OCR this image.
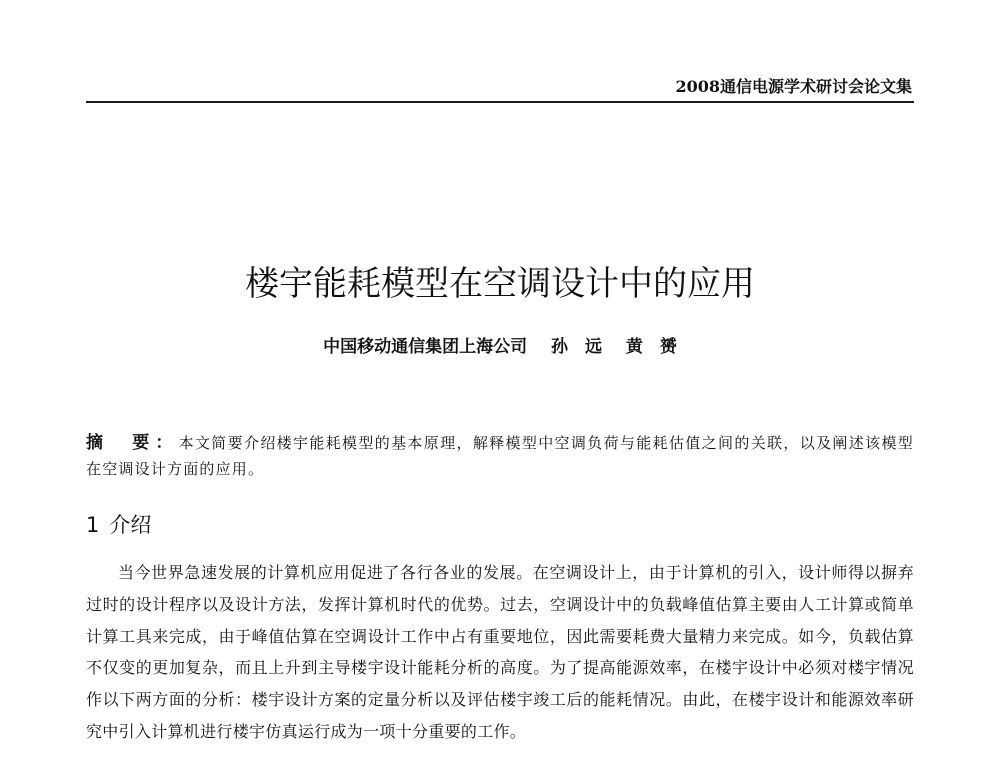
2008通信电源学术研讨会论文集
楼宇能耗模型在空调设计中的应用
中国移动通信集团上海公司 孙　远 黄　赟
摘　要：本文简要介绍楼宇能耗模型的基本原理，解释模型中空调负荷与能耗估值之间的关联，以及阐述该模型在空调设计方面的应用。
1 介绍
当今世界急速发展的计算机应用促进了各行各业的发展。在空调设计上，由于计算机的引入，设计师得以摒弃过时的设计程序以及设计方法，发挥计算机时代的优势。过去，空调设计中的负载峰值估算主要由人工计算或简单计算工具来完成，由于峰值估算在空调设计工作中占有重要地位，因此需要耗费大量精力来完成。如今，负载估算不仅变的更加复杂，而且上升到主导楼宇设计能耗分析的高度。为了提高能源效率，在楼宇设计中必须对楼宇情况作以下两方面的分析：楼宇设计方案的定量分析以及评估楼宇竣工后的能耗情况。由此，在楼宇设计和能源效率研究中引入计算机进行楼宇仿真运行成为一项十分重要的工作。
